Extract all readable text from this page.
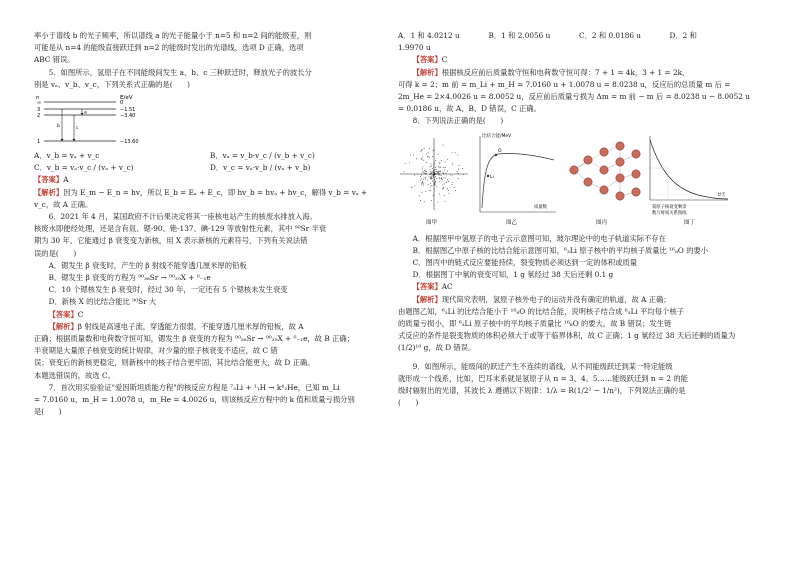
率小于谱线 b 的光子频率，所以谱线 a 的光子能量小于 n=5 和 n=2 间的能级差，则

可能是从 n=4 的能级直接跃迁到 n=2 的能级时发出的光谱线，选项 D 正确，选项

ABC 错误。

5．如图所示，氢原子在不同能级间发生 a、b、c 三种跃迁时，释放光子的波长分

别是 vₐ、v_b、v_c，下列关系式正确的是(　　)

n	E/eV
∞
3
2
1
0
−1.51
−3.40
−13.60
a
b	c

A．v_b = vₐ + v_c	B．vₐ = v_b·v_c / (v_b + v_c)

C．v_b = vₐ·v_c / (vₐ + v_c)	D．v_c = vₐ·v_b / (vₐ + v_b)

【答案】A

【解析】因为 E_m − E_n = hv，所以 E_b = Eₐ + E_c，即 hv_b = hvₐ + hv_c，解得 v_b = vₐ + v_c，故 A 正确。

6．2021 年 4 月，某国政府不计后果决定将其一座核电站产生的核废水排放入海。

核废水即便经处理，还是含有氚、锶-90、铯-137、碘-129 等放射性元素，其中 ⁹⁰Sr 半衰

期为 30 年，它能通过 β 衰变变为新核，用 X 表示新核的元素符号，下列有关说法错

误的是(　　)

A．锶发生 β 衰变时，产生的 β 射线不能穿透几厘米厚的铅板

B．锶发生 β 衰变的方程为 ⁹⁰₃₈Sr → ⁹⁰₃₉X + ⁰₋₁e

C．10 个锶核发生 β 衰变时，经过 30 年，一定还有 5 个锶核未发生衰变

D．新核 X 的比结合能比 ⁹⁰Sr 大

【答案】C

【解析】β 射线是高速电子流，穿透能力很弱，不能穿透几厘米厚的铅板，故 A

正确；根据质量数和电荷数守恒可知，锶发生 β 衰变的方程为 ⁹⁰₃₈Sr → ⁹⁰₃₉X + ⁰₋₁e，故 B 正确；

半衰期是大量原子核衰变的统计规律，对少量的原子核衰变不适应，故 C 错

误；衰变后的新核更稳定，则新核中的核子结合更牢固，其比结合能更大，故 D 正确。

本题选错误的，故选 C。

7．首次用实验验证"爱因斯坦质能方程"的核反应方程是 ⁷₃Li + ¹₁H → k⁴₂He，已知 m_Li

= 7.0160 u，m_H = 1.0078 u，m_He = 4.0026 u，则该核反应方程中的 k 值和质量亏损分别

是(　　)

A．1 和 4.0212 u	B．1 和 2.0056 u	C．2 和 0.0186 u	D．2 和

1.9970 u

【答案】C

【解析】根据核反应前后质量数守恒和电荷数守恒可得：7 + 1 = 4k，3 + 1 = 2k，

可得 k = 2；m 前 = m_Li + m_H = 7.0160 u + 1.0078 u = 8.0238 u，反应后的总质量 m 后 =

2m_He = 2×4.0026 u = 8.0052 u，反应前后质量亏损为 Δm = m 前 − m 后 = 8.0238 u − 8.0052 u

= 0.0186 u，故 A、B、D 错误，C 正确。

8．下列说法正确的是(　　)

图甲
比结合能/MeV
质量数
Li
O
图乙	图丙
t/天
氡原子核衰变剩余
数与时间关系图线
图丁

A．根据图甲中氢原子的电子云示意图可知，玻尔理论中的电子轨道实际不存在

B．根据图乙中原子核的比结合能示意图可知，⁶₃Li 原子核中的平均核子质量比 ¹⁶₈O 的要小

C．图丙中的链式反应要能持续，裂变物质必须达到一定的体积或质量

D．根据图丁中氡的衰变可知，1 g 氡经过 38 天后还剩 0.1 g

【答案】AC

【解析】现代简究表明，氢原子核外电子的运动并没有确定的轨道，故 A 正确；

由题图乙知，⁶₃Li 的比结合能小于 ¹⁶₈O 的比结合能，说明核子结合成 ⁶₃Li 平均每个核子

的质量亏损小，即 ⁶₃Li 原子核中的平均核子质量比 ¹⁶₈O 的要大，故 B 错误；发生链

式反应的条件是裂变物质的体积必须大于或等于临界体积，故 C 正确；1 g 氡经过 38 天后还剩的质量为

(1/2)¹⁰ g，故 D 错误。

9．如图所示，能级间的跃迁产生不连续的谱线，从不同能级跃迁到某一特定能级

就形成一个线系，比如，巴耳末系就是氢原子从 n = 3、4、5……能级跃迁到 n = 2 的能

级时辐射出的光谱，其波长 λ 遵循以下规律：1/λ = R(1/2² − 1/n²)，下列说法正确的是

(　　)
